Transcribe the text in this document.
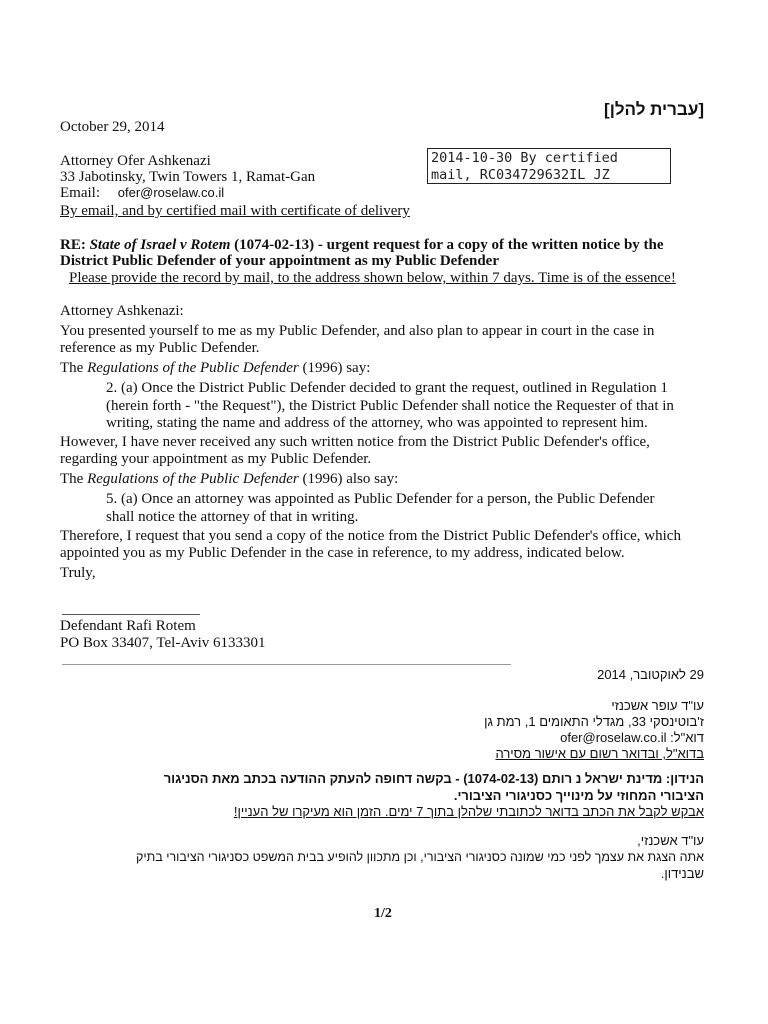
[עברית להלן]
October 29, 2014
Attorney Ofer Ashkenazi
33 Jabotinsky, Twin Towers 1, Ramat-Gan
Email: ofer@roselaw.co.il
By email, and by certified mail with certificate of delivery
2014-10-30 By certified
mail, RC034729632IL JZ
RE: State of Israel v Rotem (1074-02-13) - urgent request for a copy of the written notice by the
District Public Defender of your appointment as my Public Defender
Please provide the record by mail, to the address shown below, within 7 days. Time is of the essence!
Attorney Ashkenazi:
You presented yourself to me as my Public Defender, and also plan to appear in court in the case in
reference as my Public Defender.
The Regulations of the Public Defender (1996) say:
2. (a) Once the District Public Defender decided to grant the request, outlined in Regulation 1
(herein forth - "the Request"), the District Public Defender shall notice the Requester of that in
writing, stating the name and address of the attorney, who was appointed to represent him.
However, I have never received any such written notice from the District Public Defender's office,
regarding your appointment as my Public Defender.
The Regulations of the Public Defender (1996) also say:
5. (a) Once an attorney was appointed as Public Defender for a person, the Public Defender
shall notice the attorney of that in writing.
Therefore, I request that you send a copy of the notice from the District Public Defender's office, which
appointed you as my Public Defender in the case in reference, to my address, indicated below.
Truly,
Defendant Rafi Rotem
PO Box 33407, Tel-Aviv 6133301
29 לאוקטובר, 2014
עו"ד עופר אשכנזי
ז'בוטינסקי 33, מגדלי התאומים 1, רמת גן
דוא"ל: ofer@roselaw.co.il
בדוא"ל, ובדואר רשום עם אישור מסירה
הנידון: מדינת ישראל נ רותם (1074-02-13) - בקשה דחופה להעתק ההודעה בכתב מאת הסניגור
הציבורי המחוזי על מינוייך כסניגורי הציבורי.
אבקש לקבל את הכתב בדואר לכתובתי שלהלן בתוך 7 ימים. הזמן הוא מעיקרו של העניין!
עו"ד אשכנזי,
אתה הצגת את עצמך לפני כמי שמונה כסניגורי הציבורי, וכן מתכוון להופיע בבית המשפט כסניגורי הציבורי בתיק
שבנידון.
1/2
